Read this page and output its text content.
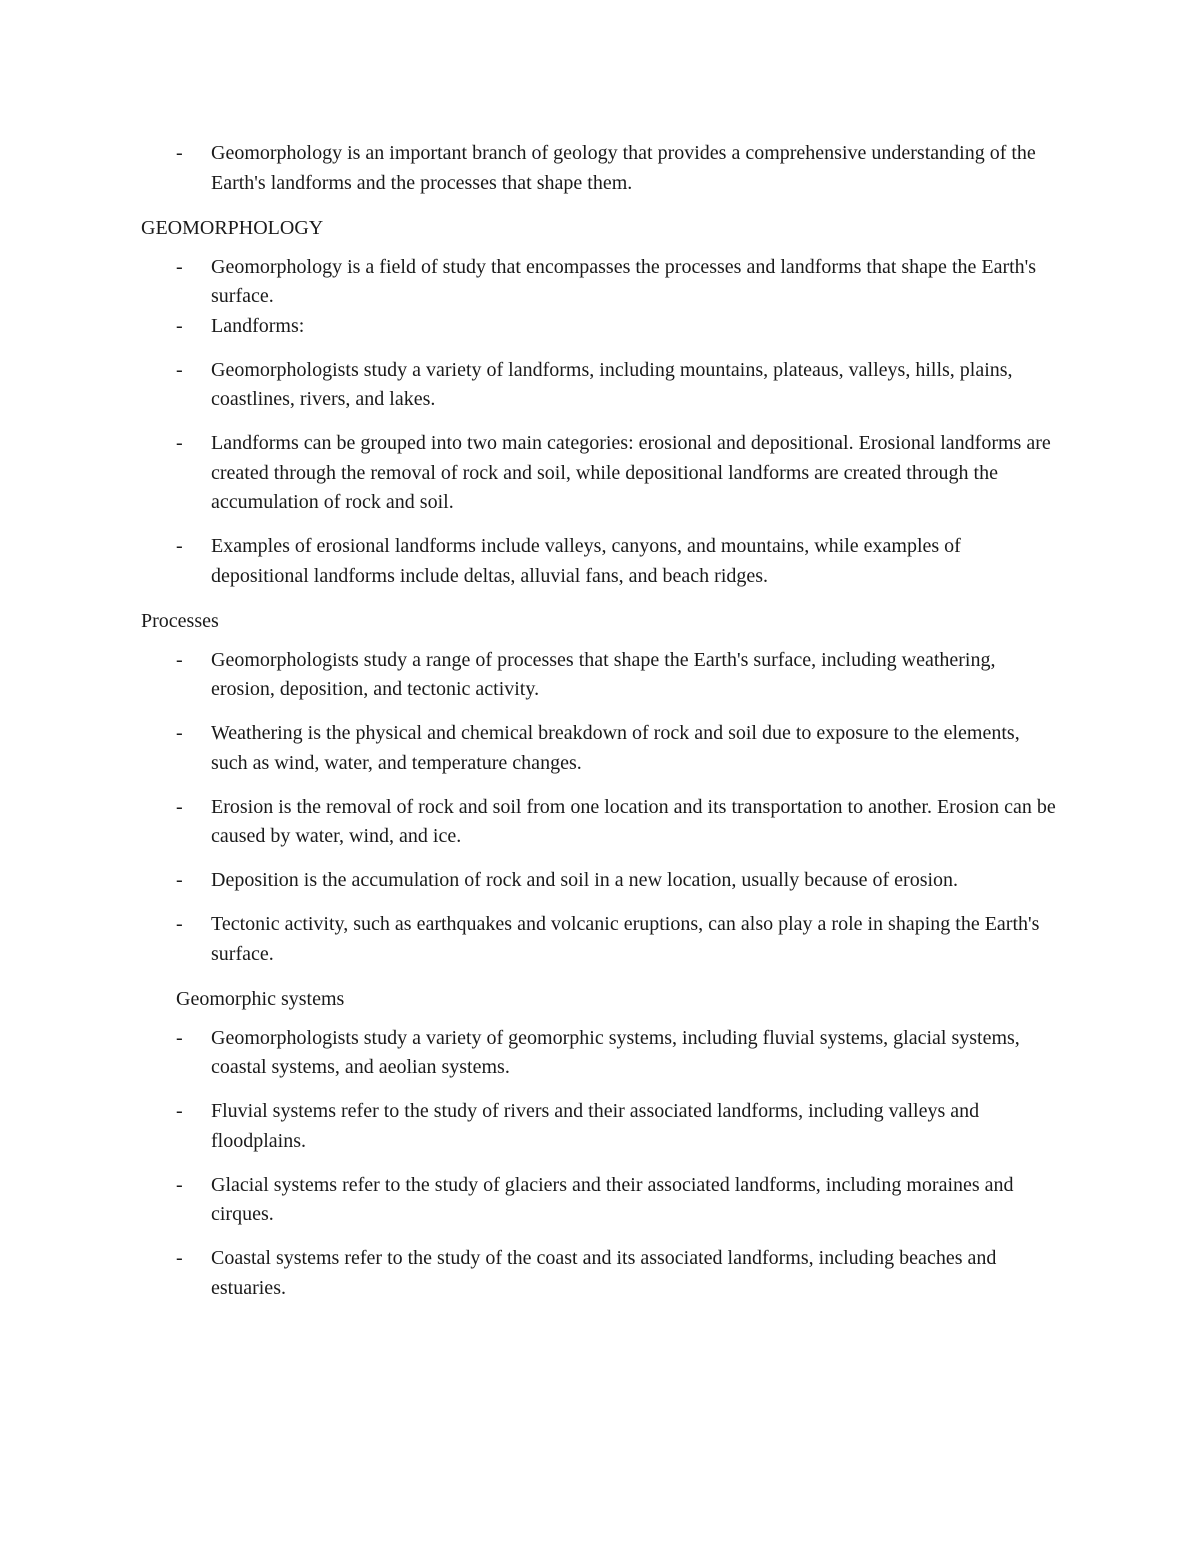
- Geomorphology is an important branch of geology that provides a comprehensive understanding of the Earth's landforms and the processes that shape them.
GEOMORPHOLOGY
- Geomorphology is a field of study that encompasses the processes and landforms that shape the Earth's surface.
- Landforms:
- Geomorphologists study a variety of landforms, including mountains, plateaus, valleys, hills, plains, coastlines, rivers, and lakes.
- Landforms can be grouped into two main categories: erosional and depositional. Erosional landforms are created through the removal of rock and soil, while depositional landforms are created through the accumulation of rock and soil.
- Examples of erosional landforms include valleys, canyons, and mountains, while examples of depositional landforms include deltas, alluvial fans, and beach ridges.
Processes
- Geomorphologists study a range of processes that shape the Earth's surface, including weathering, erosion, deposition, and tectonic activity.
- Weathering is the physical and chemical breakdown of rock and soil due to exposure to the elements, such as wind, water, and temperature changes.
- Erosion is the removal of rock and soil from one location and its transportation to another. Erosion can be caused by water, wind, and ice.
- Deposition is the accumulation of rock and soil in a new location, usually because of erosion.
- Tectonic activity, such as earthquakes and volcanic eruptions, can also play a role in shaping the Earth's surface.
Geomorphic systems
- Geomorphologists study a variety of geomorphic systems, including fluvial systems, glacial systems, coastal systems, and aeolian systems.
- Fluvial systems refer to the study of rivers and their associated landforms, including valleys and floodplains.
- Glacial systems refer to the study of glaciers and their associated landforms, including moraines and cirques.
- Coastal systems refer to the study of the coast and its associated landforms, including beaches and estuaries.
